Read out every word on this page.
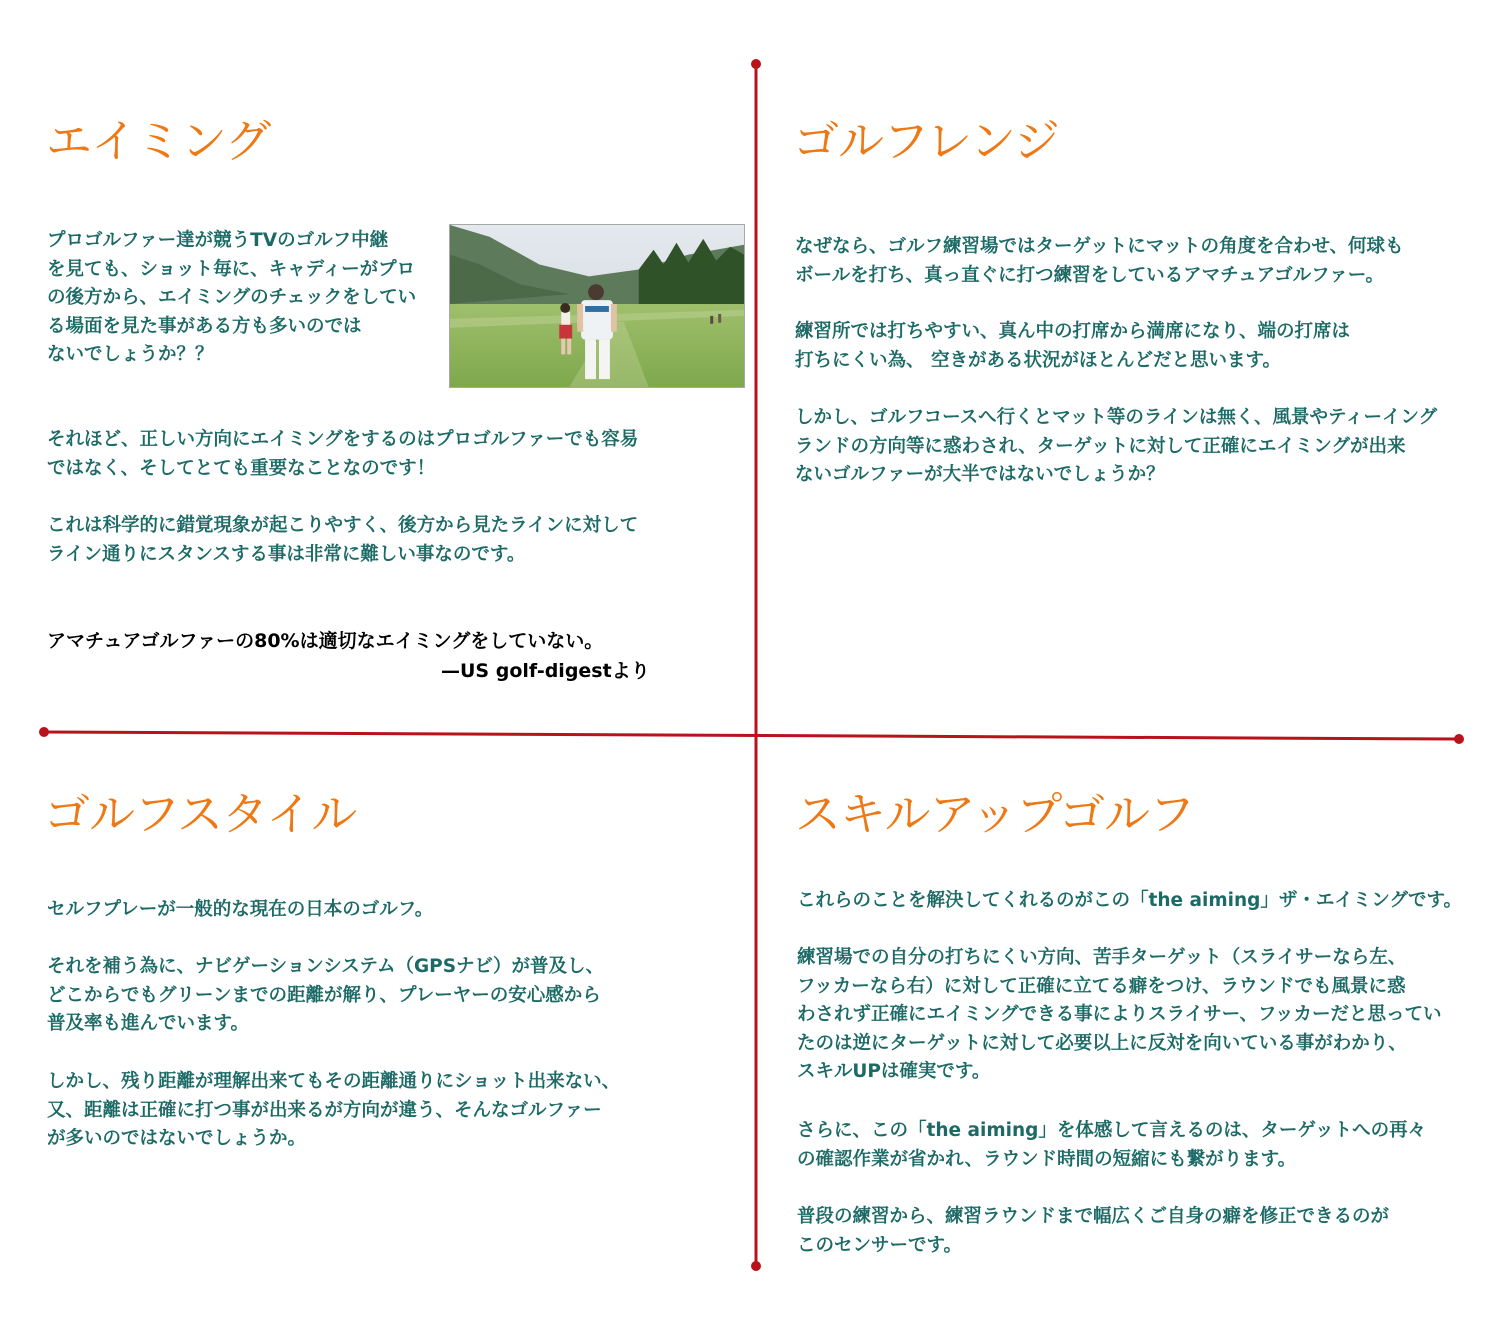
エイミング

プロゴルファー達が競うTVのゴルフ中継
を見ても、ショット毎に、キャディーがプロ
の後方から、エイミングのチェックをしてい
る場面を見た事がある方も多いのでは
ないでしょうか？？

それほど、正しい方向にエイミングをするのはプロゴルファーでも容易
ではなく、そしてとても重要なことなのです！

これは科学的に錯覚現象が起こりやすく、後方から見たラインに対して
ライン通りにスタンスする事は非常に難しい事なのです。

アマチュアゴルファーの80%は適切なエイミングをしていない。

—US golf-digestより

ゴルフレンジ

なぜなら、ゴルフ練習場ではターゲットにマットの角度を合わせ、何球も
ボールを打ち、真っ直ぐに打つ練習をしているアマチュアゴルファー。

練習所では打ちやすい、真ん中の打席から満席になり、端の打席は
打ちにくい為、 空きがある状況がほとんどだと思います。

しかし、ゴルフコースへ行くとマット等のラインは無く、風景やティーイング
ランドの方向等に惑わされ、ターゲットに対して正確にエイミングが出来
ないゴルファーが大半ではないでしょうか？

ゴルフスタイル

セルフプレーが一般的な現在の日本のゴルフ。

それを補う為に、ナビゲーションシステム（GPSナビ）が普及し、
どこからでもグリーンまでの距離が解り、プレーヤーの安心感から
普及率も進んでいます。

しかし、残り距離が理解出来てもその距離通りにショット出来ない、
又、距離は正確に打つ事が出来るが方向が違う、そんなゴルファー
が多いのではないでしょうか。

スキルアップゴルフ

これらのことを解決してくれるのがこの「the aiming」ザ・エイミングです。

練習場での自分の打ちにくい方向、苦手ターゲット（スライサーなら左、
フッカーなら右）に対して正確に立てる癖をつけ、ラウンドでも風景に惑
わされず正確にエイミングできる事によりスライサー、フッカーだと思ってい
たのは逆にターゲットに対して必要以上に反対を向いている事がわかり、
スキルUPは確実です。

さらに、この「the aiming」を体感して言えるのは、ターゲットへの再々
の確認作業が省かれ、ラウンド時間の短縮にも繋がります。

普段の練習から、練習ラウンドまで幅広くご自身の癖を修正できるのが
このセンサーです。
